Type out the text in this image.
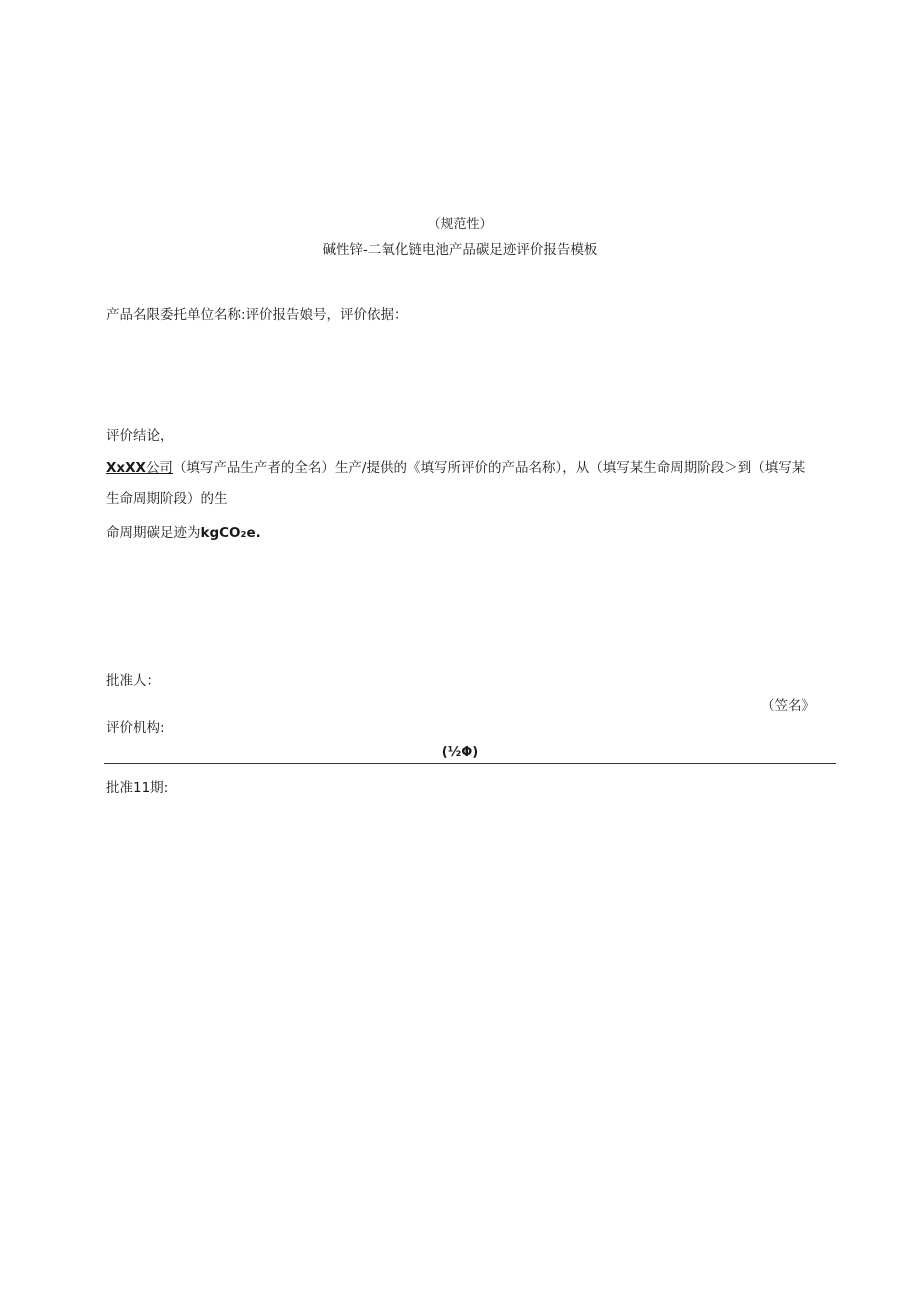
（规范性）
碱性锌-二氧化链电池产品碳足迹评价报告模板
产品名限委托单位名称:评价报告娘号，评价依据：
评价结论，
XxXX公司（填写产品生产者的全名）生产/提供的《填写所评价的产品名称），从（填写某生命周期阶段＞到（填写某
生命周期阶段）的生
命周期碳足迹为kgCO₂e.
批准人：
（笠名》
评价机构:
(½Φ)
批准11期:
